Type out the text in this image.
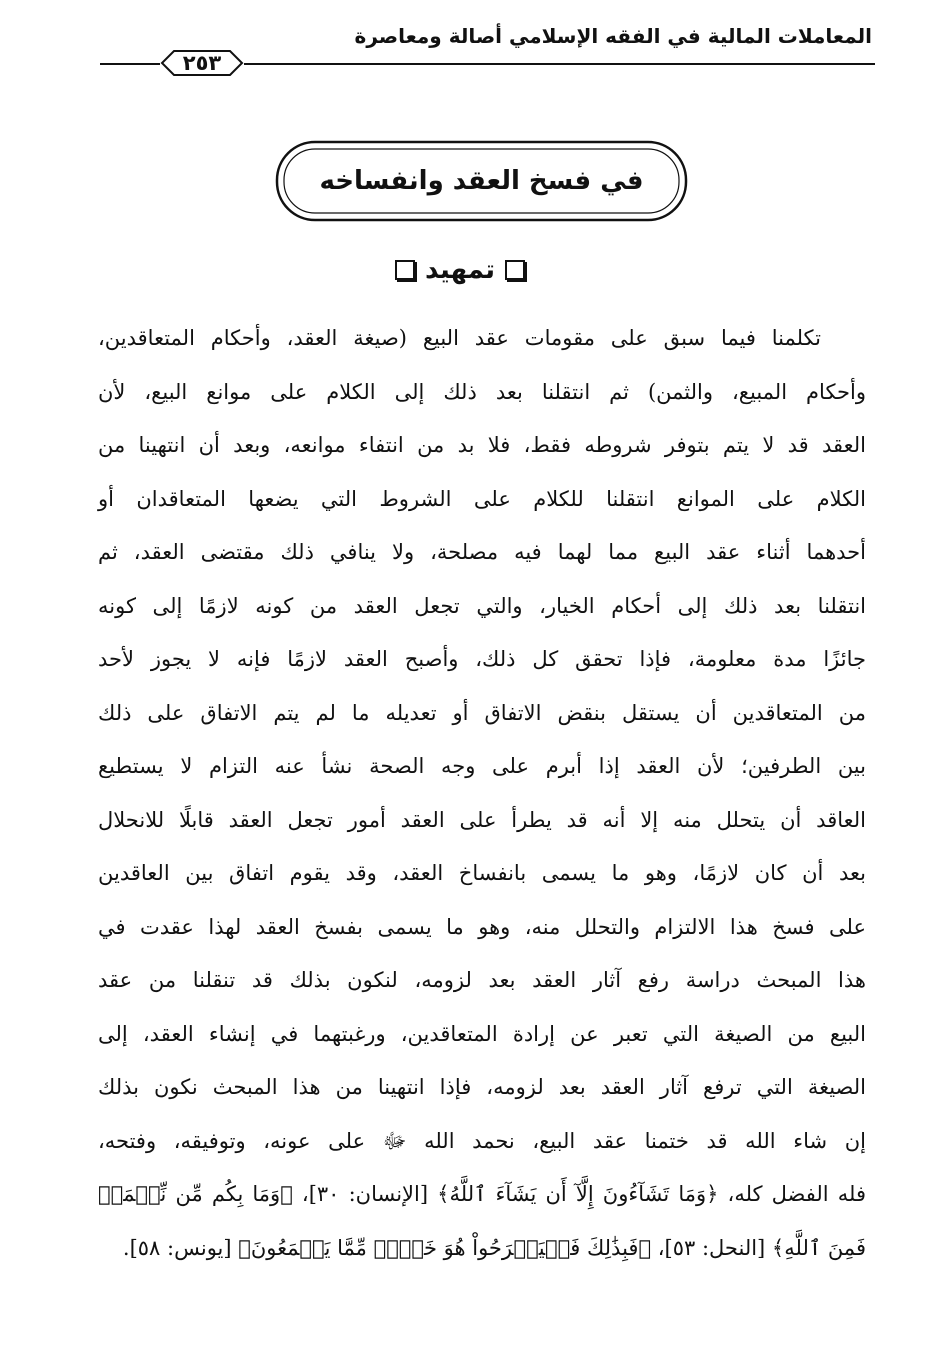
المعاملات المالية في الفقه الإسلامي أصالة ومعاصرة
٢٥٣
في فسخ العقد وانفساخه
تمهيد
تكلمنا فيما سبق على مقومات عقد البيع (صيغة العقد، وأحكام المتعاقدين،
وأحكام المبيع، والثمن) ثم انتقلنا بعد ذلك إلى الكلام على موانع البيع، لأن
العقد قد لا يتم بتوفر شروطه فقط، فلا بد من انتفاء موانعه، وبعد أن انتهينا من
الكلام على الموانع انتقلنا للكلام على الشروط التي يضعها المتعاقدان أو
أحدهما أثناء عقد البيع مما لهما فيه مصلحة، ولا ينافي ذلك مقتضى العقد، ثم
انتقلنا بعد ذلك إلى أحكام الخيار، والتي تجعل العقد من كونه لازمًا إلى كونه
جائزًا مدة معلومة، فإذا تحقق كل ذلك، وأصبح العقد لازمًا فإنه لا يجوز لأحد
من المتعاقدين أن يستقل بنقض الاتفاق أو تعديله ما لم يتم الاتفاق على ذلك
بين الطرفين؛ لأن العقد إذا أبرم على وجه الصحة نشأ عنه التزام لا يستطيع
العاقد أن يتحلل منه إلا أنه قد يطرأ على العقد أمور تجعل العقد قابلًا للانحلال
بعد أن كان لازمًا، وهو ما يسمى بانفساخ العقد، وقد يقوم اتفاق بين العاقدين
على فسخ هذا الالتزام والتحلل منه، وهو ما يسمى بفسخ العقد لهذا عقدت في
هذا المبحث دراسة رفع آثار العقد بعد لزومه، لنكون بذلك قد تنقلنا من عقد
البيع من الصيغة التي تعبر عن إرادة المتعاقدين، ورغبتهما في إنشاء العقد، إلى
الصيغة التي ترفع آثار العقد بعد لزومه، فإذا انتهينا من هذا المبحث نكون بذلك
إن شاء الله قد ختمنا عقد البيع، نحمد الله ﷻ على عونه، وتوفيقه، وفتحه،
فله الفضل كله، ﴿وَمَا تَشَآءُونَ إِلَّآ أَن يَشَآءَ ٱللَّهُ﴾ [الإنسان: ٣٠]، ﴿وَمَا بِكُم مِّن نِّعۡمَةٖ
فَمِنَ ٱللَّهِ﴾ [النحل: ٥٣]، ﴿فَبِذَٰلِكَ فَلۡيَفۡرَحُواْ هُوَ خَيۡرٞ مِّمَّا يَجۡمَعُونَ﴾ [يونس: ٥٨].
